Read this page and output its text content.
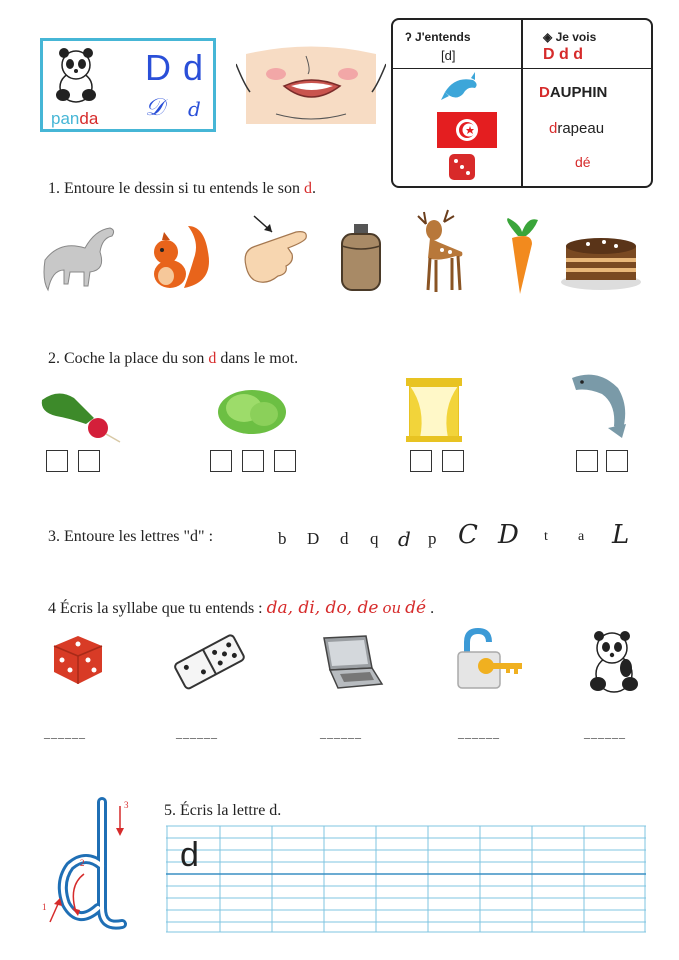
panda
D d
𝒟 d
ʔ J'entends
[d]
◈ Je vois
D d d
DAUPHIN
drapeau
dé
1. Entoure le dessin si tu entends le son d.
2. Coche la place du son d dans le mot.
3. Entoure les lettres "d" :	b D d q d p C D t a L
4 Écris la syllabe que tu entends : da, di, do, de ou dé .
______	______	______	______	______
5. Écris la lettre d.
3
2
1
d
